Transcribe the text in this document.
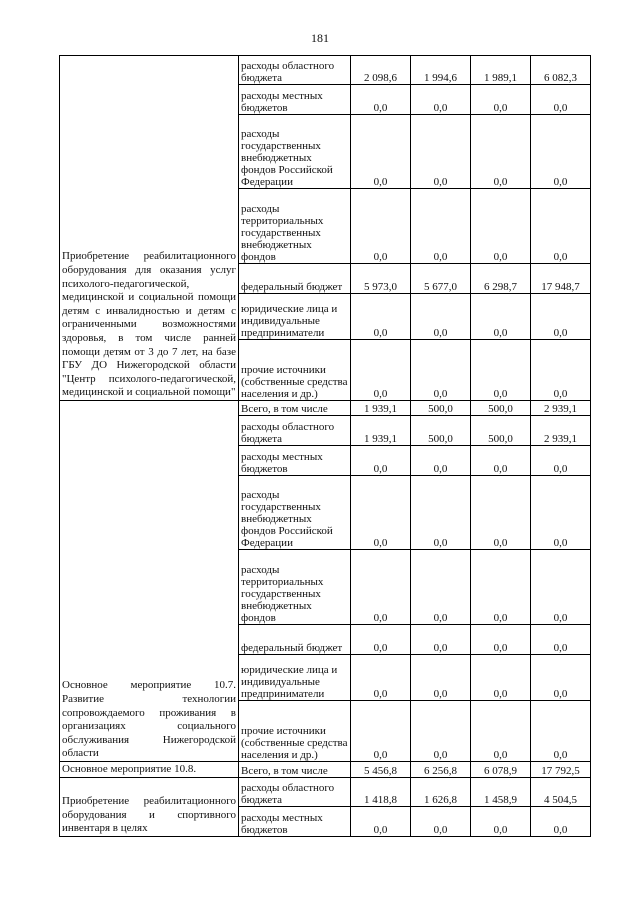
181
Приобретение реабилитационного оборудования для оказания услуг психолого-педагогической, медицинской и социальной помощи детям с инвалидностью и детям с ограниченными возможностями здоровья, в том числе ранней помощи детям от 3 до 7 лет, на базе ГБУ ДО Нижегородской области "Центр психолого-педагогической, медицинской и социальной помощи"	расходы областного бюджета	2 098,6	1 994,6	1 989,1	6 082,3
	расходы местных бюджетов	0,0	0,0	0,0	0,0
	расходы государственных внебюджетных фондов Российской Федерации	0,0	0,0	0,0	0,0
	расходы территориальных государственных внебюджетных фондов	0,0	0,0	0,0	0,0
	федеральный бюджет	5 973,0	5 677,0	6 298,7	17 948,7
	юридические лица и индивидуальные предприниматели	0,0	0,0	0,0	0,0
	прочие источники (собственные средства населения и др.)	0,0	0,0	0,0	0,0
Основное мероприятие 10.7. Развитие технологии сопровождаемого проживания в организациях социального обслуживания Нижегородской области	Всего, в том числе	1 939,1	500,0	500,0	2 939,1
	расходы областного бюджета	1 939,1	500,0	500,0	2 939,1
	расходы местных бюджетов	0,0	0,0	0,0	0,0
	расходы государственных внебюджетных фондов Российской Федерации	0,0	0,0	0,0	0,0
	расходы территориальных государственных внебюджетных фондов	0,0	0,0	0,0	0,0
	федеральный бюджет	0,0	0,0	0,0	0,0
	юридические лица и индивидуальные предприниматели	0,0	0,0	0,0	0,0
	прочие источники (собственные средства населения и др.)	0,0	0,0	0,0	0,0
Основное мероприятие 10.8.	Всего, в том числе	5 456,8	6 256,8	6 078,9	17 792,5
Приобретение реабилитационного оборудования и спортивного инвентаря в целях	расходы областного бюджета	1 418,8	1 626,8	1 458,9	4 504,5
	расходы местных бюджетов	0,0	0,0	0,0	0,0
